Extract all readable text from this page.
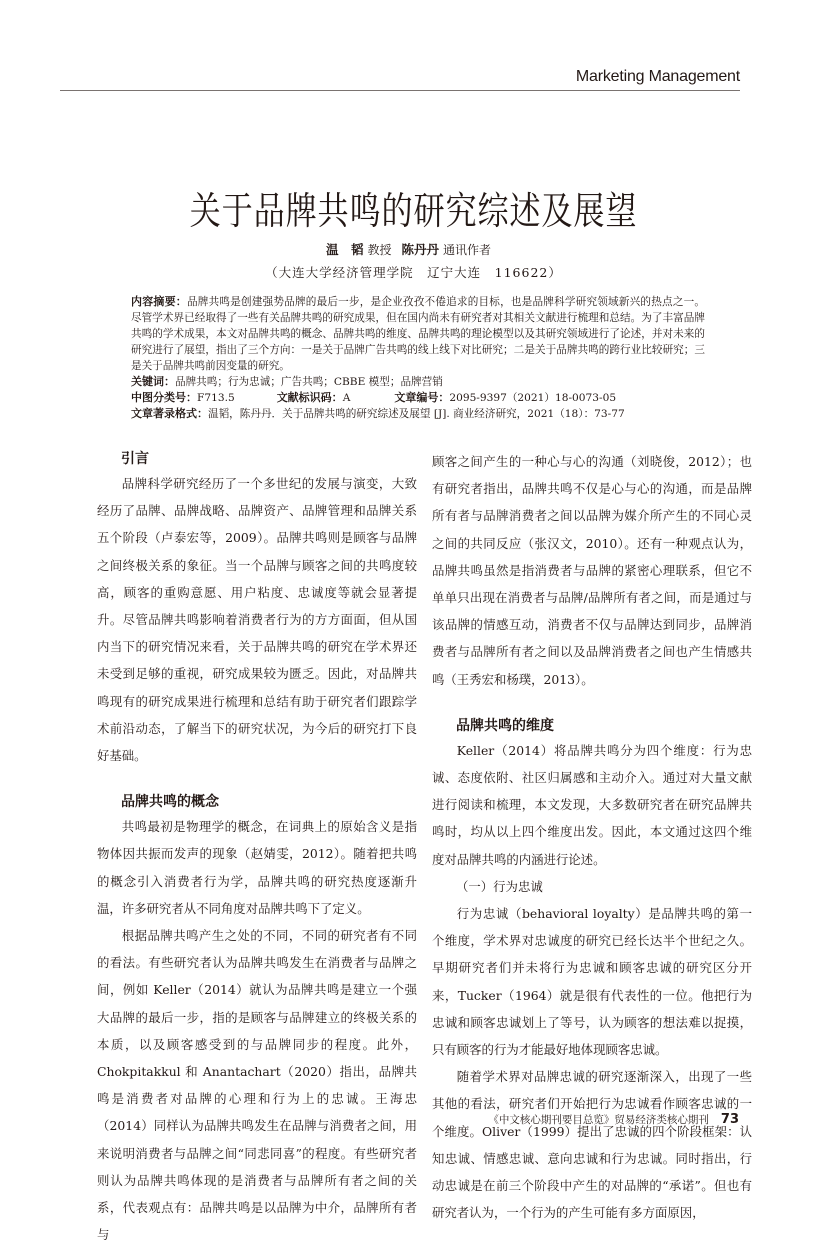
Marketing Management
关于品牌共鸣的研究综述及展望
温　韬 教授 陈丹丹 通讯作者
（大连大学经济管理学院　辽宁大连　116622）

内容摘要：品牌共鸣是创建强势品牌的最后一步，是企业孜孜不倦追求的目标，也是品牌科学研究领域新兴的热点之一。尽管学术界已经取得了一些有关品牌共鸣的研究成果，但在国内尚未有研究者对其相关文献进行梳理和总结。为了丰富品牌共鸣的学术成果，本文对品牌共鸣的概念、品牌共鸣的维度、品牌共鸣的理论模型以及其研究领域进行了论述，并对未来的研究进行了展望，指出了三个方向：一是关于品牌广告共鸣的线上线下对比研究；二是关于品牌共鸣的跨行业比较研究；三是关于品牌共鸣前因变量的研究。

关键词：品牌共鸣；行为忠诚；广告共鸣；CBBE 模型；品牌营销

中图分类号：F713.5	文献标识码：A	文章编号：2095-9397（2021）18-0073-05

文章著录格式：温韬，陈丹丹．关于品牌共鸣的研究综述及展望 [J]. 商业经济研究，2021（18）：73-77

引言

品牌科学研究经历了一个多世纪的发展与演变，大致经历了品牌、品牌战略、品牌资产、品牌管理和品牌关系五个阶段（卢泰宏等，2009）。品牌共鸣则是顾客与品牌之间终极关系的象征。当一个品牌与顾客之间的共鸣度较高，顾客的重购意愿、用户粘度、忠诚度等就会显著提升。尽管品牌共鸣影响着消费者行为的方方面面，但从国内当下的研究情况来看，关于品牌共鸣的研究在学术界还未受到足够的重视，研究成果较为匮乏。因此，对品牌共鸣现有的研究成果进行梳理和总结有助于研究者们跟踪学术前沿动态，了解当下的研究状况，为今后的研究打下良好基础。

品牌共鸣的概念

共鸣最初是物理学的概念，在词典上的原始含义是指物体因共振而发声的现象（赵婧雯，2012）。随着把共鸣的概念引入消费者行为学，品牌共鸣的研究热度逐渐升温，许多研究者从不同角度对品牌共鸣下了定义。

根据品牌共鸣产生之处的不同，不同的研究者有不同的看法。有些研究者认为品牌共鸣发生在消费者与品牌之间，例如 Keller（2014）就认为品牌共鸣是建立一个强大品牌的最后一步，指的是顾客与品牌建立的终极关系的本质，以及顾客感受到的与品牌同步的程度。此外，Chokpitakkul 和 Anantachart（2020）指出，品牌共鸣是消费者对品牌的心理和行为上的忠诚。王海忠（2014）同样认为品牌共鸣发生在品牌与消费者之间，用来说明消费者与品牌之间“同悲同喜”的程度。有些研究者则认为品牌共鸣体现的是消费者与品牌所有者之间的关系，代表观点有：品牌共鸣是以品牌为中介，品牌所有者与

顾客之间产生的一种心与心的沟通（刘晓俊，2012）；也有研究者指出，品牌共鸣不仅是心与心的沟通，而是品牌所有者与品牌消费者之间以品牌为媒介所产生的不同心灵之间的共同反应（张汉文，2010）。还有一种观点认为，品牌共鸣虽然是指消费者与品牌的紧密心理联系，但它不单单只出现在消费者与品牌/品牌所有者之间，而是通过与该品牌的情感互动，消费者不仅与品牌达到同步，品牌消费者与品牌所有者之间以及品牌消费者之间也产生情感共鸣（王秀宏和杨璞，2013）。

品牌共鸣的维度

Keller（2014）将品牌共鸣分为四个维度：行为忠诚、态度依附、社区归属感和主动介入。通过对大量文献进行阅读和梳理，本文发现，大多数研究者在研究品牌共鸣时，均从以上四个维度出发。因此，本文通过这四个维度对品牌共鸣的内涵进行论述。

（一）行为忠诚

行为忠诚（behavioral loyalty）是品牌共鸣的第一个维度，学术界对忠诚度的研究已经长达半个世纪之久。早期研究者们并未将行为忠诚和顾客忠诚的研究区分开来，Tucker（1964）就是很有代表性的一位。他把行为忠诚和顾客忠诚划上了等号，认为顾客的想法难以捉摸，只有顾客的行为才能最好地体现顾客忠诚。

随着学术界对品牌忠诚的研究逐渐深入，出现了一些其他的看法，研究者们开始把行为忠诚看作顾客忠诚的一个维度。Oliver（1999）提出了忠诚的四个阶段框架：认知忠诚、情感忠诚、意向忠诚和行为忠诚。同时指出，行动忠诚是在前三个阶段中产生的对品牌的“承诺”。但也有研究者认为，一个行为的产生可能有多方面原因，

《中文核心期刊要目总览》贸易经济类核心期刊 73
